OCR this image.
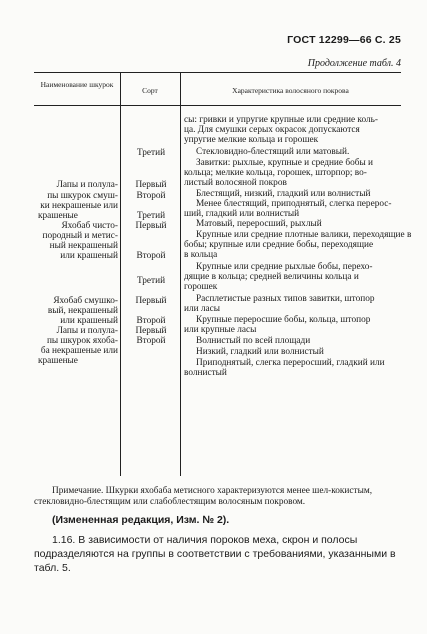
ГОСТ 12299—66 С. 25
Продолжение табл. 4
Наименование шкурок
Сорт	Характеристика волосяного покрова
Лапы и полула-
пы шкурок смуш-
ки некрашеные или
крашеные
Яхобаб чисто-
породный и метис-
ный некрашеный
или крашеный
Яхобаб смушко-
вый, некрашеный
или крашеный
Лапы и полула-
пы шкурок яхоба-
ба некрашеные или
крашеные
Третий
Первый
Второй
Третий
Первый
Второй
Третий
Первый
Второй
Первый
Второй
сы: гривки и упругие крупные или средние коль-
ца. Для смушки серых окрасок допускаются
упругие мелкие кольца и горошек
Стекловидно-блестящий или матовый.
Завитки: рыхлые, крупные и средние бобы и
кольца; мелкие кольца, горошек, шторпор; во-
листый волосяной покров
Блестящий, низкий, гладкий или волнистый
Менее блестящий, приподнятый, слегка перерос-
ший, гладкий или волнистый
Матовый, переросший, рыхлый
Крупные или средние плотные валики, переходящие в
бобы; крупные или средние бобы, переходящие
в кольца
Крупные или средние рыхлые бобы, перехо-
дящие в кольца; средней величины кольца и
горошек
Расплетистые разных типов завитки, штопор
или ласы
Крупные переросшие бобы, кольца, штопор
или крупные ласы
Волнистый по всей площади
Низкий, гладкий или волнистый
Приподнятый, слегка переросший, гладкий или
волнистый
Примечание. Шкурки яхобаба метисного характеризуются менее шел-кокистым, стекловидно-блестящим или слабоблестящим волосяным покровом.
(Измененная редакция, Изм. № 2).
1.16. В зависимости от наличия пороков меха, скрон и полосы подразделяются на группы в соответствии с требованиями, указанными в табл. 5.
